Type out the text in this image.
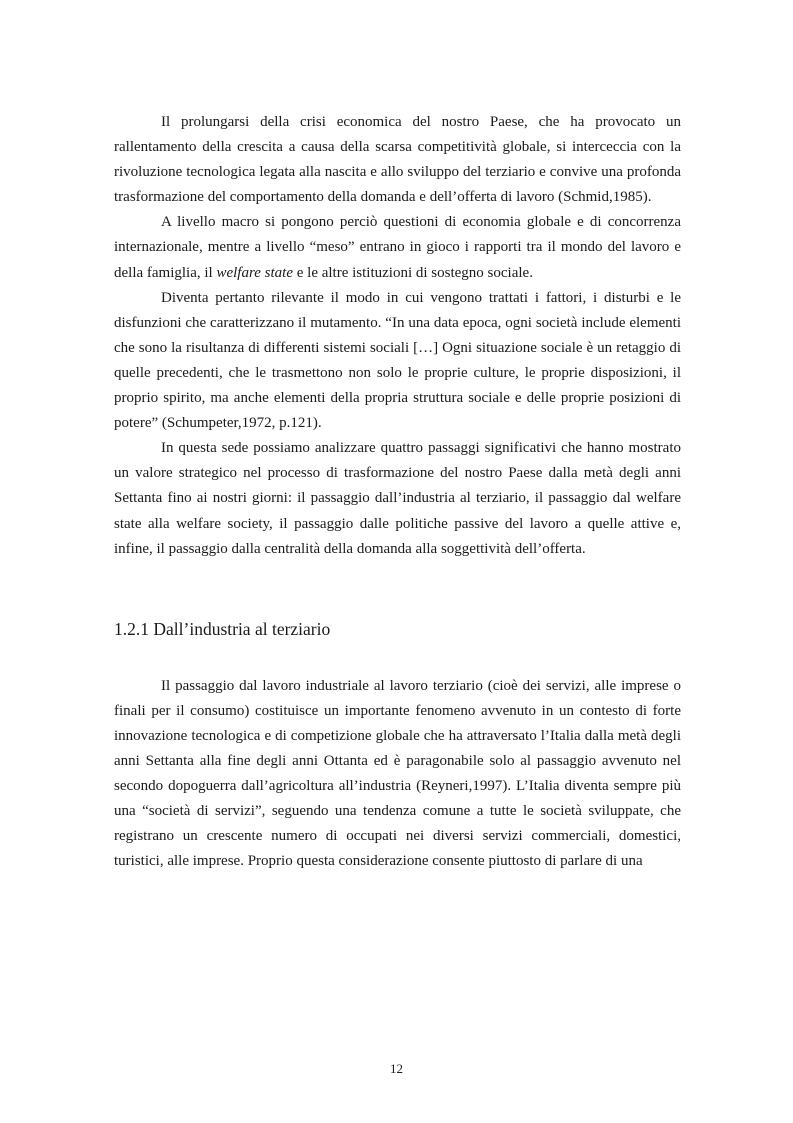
Il prolungarsi della crisi economica del nostro Paese, che ha provocato un rallentamento della crescita a causa della scarsa competitività globale, si interceccia con la rivoluzione tecnologica legata alla nascita e allo sviluppo del terziario e convive una profonda trasformazione del comportamento della domanda e dell’offerta di lavoro (Schmid,1985).

A livello macro si pongono perciò questioni di economia globale e di concorrenza internazionale, mentre a livello “meso” entrano in gioco i rapporti tra il mondo del lavoro e della famiglia, il welfare state e le altre istituzioni di sostegno sociale.

Diventa pertanto rilevante il modo in cui vengono trattati i fattori, i disturbi e le disfunzioni che caratterizzano il mutamento. “In una data epoca, ogni società include elementi che sono la risultanza di differenti sistemi sociali […] Ogni situazione sociale è un retaggio di quelle precedenti, che le trasmettono non solo le proprie culture, le proprie disposizioni, il proprio spirito, ma anche elementi della propria struttura sociale e delle proprie posizioni di potere” (Schumpeter,1972, p.121).

In questa sede possiamo analizzare quattro passaggi significativi che hanno mostrato un valore strategico nel processo di trasformazione del nostro Paese dalla metà degli anni Settanta fino ai nostri giorni: il passaggio dall’industria al terziario, il passaggio dal welfare state alla welfare society, il passaggio dalle politiche passive del lavoro a quelle attive e, infine, il passaggio dalla centralità della domanda alla soggettività dell’offerta.

1.2.1 Dall’industria al terziario

Il passaggio dal lavoro industriale al lavoro terziario (cioè dei servizi, alle imprese o finali per il consumo) costituisce un importante fenomeno avvenuto in un contesto di forte innovazione tecnologica e di competizione globale che ha attraversato l’Italia dalla metà degli anni Settanta alla fine degli anni Ottanta ed è paragonabile solo al passaggio avvenuto nel secondo dopoguerra dall’agricoltura all’industria (Reyneri,1997). L’Italia diventa sempre più una “società di servizi”, seguendo una tendenza comune a tutte le società sviluppate, che registrano un crescente numero di occupati nei diversi servizi commerciali, domestici, turistici, alle imprese. Proprio questa considerazione consente piuttosto di parlare di una

12
